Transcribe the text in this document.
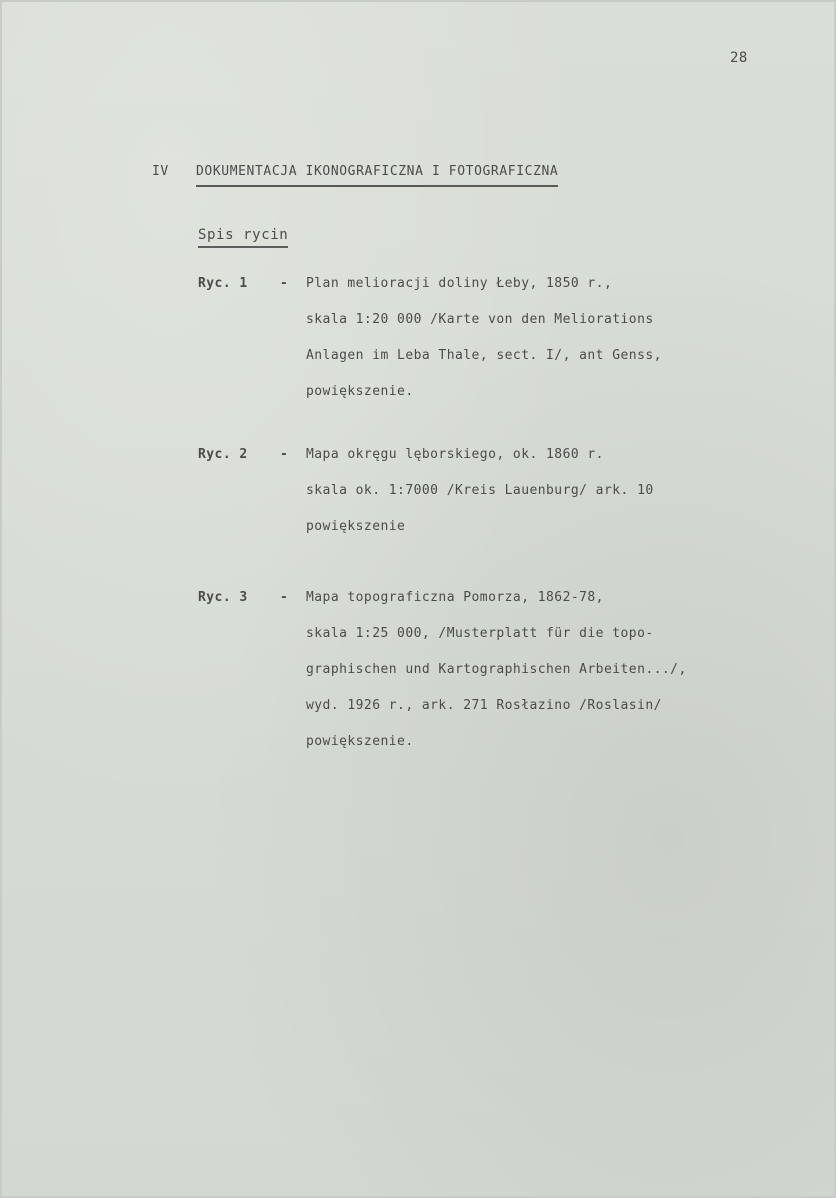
28
IV	DOKUMENTACJA IKONOGRAFICZNA I FOTOGRAFICZNA
Spis rycin
Ryc. 1	-	Plan melioracji doliny Łeby, 1850 r.,
skala 1:20 000 /Karte von den Meliorations
Anlagen im Leba Thale, sect. I/, ant Genss,
powiększenie.
Ryc. 2	-	Mapa okręgu lęborskiego, ok. 1860 r.
skala ok. 1:7000 /Kreis Lauenburg/ ark. 10
powiększenie
Ryc. 3	-	Mapa topograficzna Pomorza, 1862-78,
skala 1:25 000, /Musterplatt für die topo-
graphischen und Kartographischen Arbeiten.../,
wyd. 1926 r., ark. 271 Rosłazino /Roslasin/
powiększenie.
